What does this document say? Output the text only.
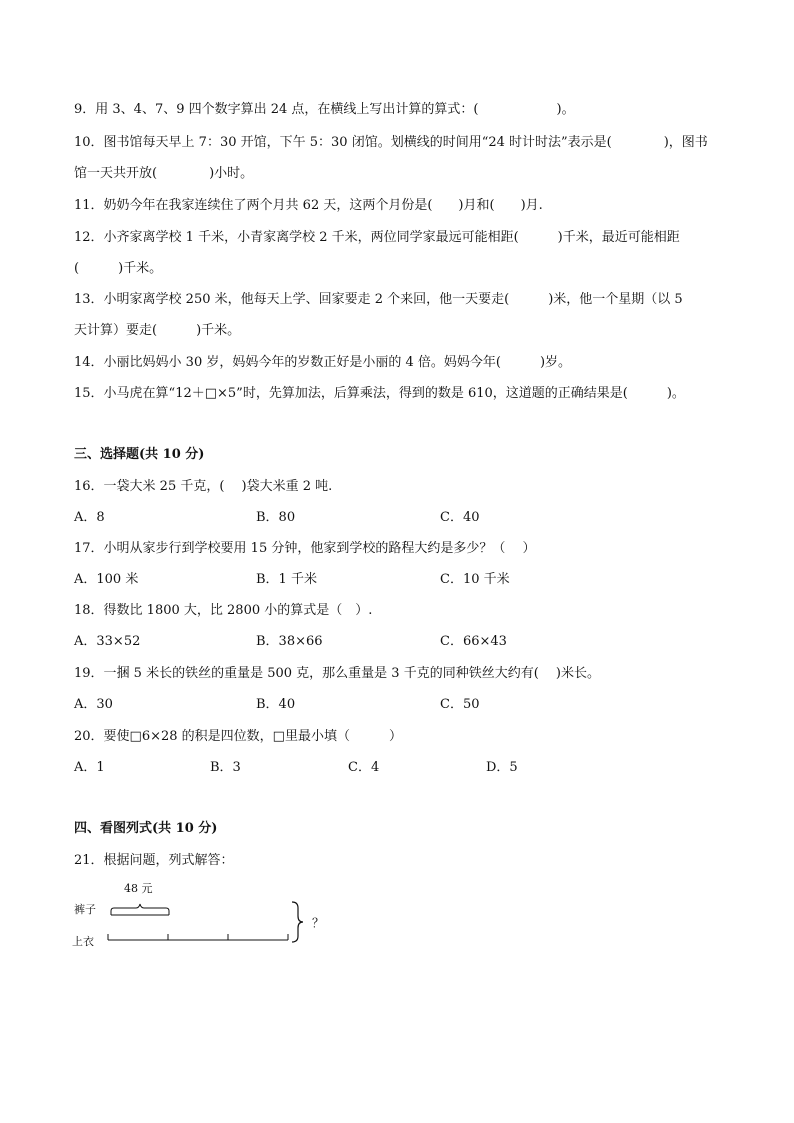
9．用 3、4、7、9 四个数字算出 24 点，在横线上写出计算的算式：(　　　　　　)。
10．图书馆每天早上 7：30 开馆，下午 5：30 闭馆。划横线的时间用“24 时计时法”表示是(　　　　)，图书
馆一天共开放(　　　　)小时。
11．奶奶今年在我家连续住了两个月共 62 天，这两个月份是(　　)月和(　　)月.
12．小齐家离学校 1 千米，小青家离学校 2 千米，两位同学家最远可能相距(　　　)千米，最近可能相距
(　　　)千米。
13．小明家离学校 250 米，他每天上学、回家要走 2 个来回，他一天要走(　　　)米，他一个星期（以 5
天计算）要走(　　　)千米。
14．小丽比妈妈小 30 岁，妈妈今年的岁数正好是小丽的 4 倍。妈妈今年(　　　)岁。
15．小马虎在算“12＋□×5”时，先算加法，后算乘法，得到的数是 610，这道题的正确结果是(　　　)。
三、选择题(共 10 分)
16．一袋大米 25 千克，(　 )袋大米重 2 吨.
A．8	B．80	C．40
17．小明从家步行到学校要用 15 分钟，他家到学校的路程大约是多少？（　 ）
A．100 米	B．1 千米	C．10 千米
18．得数比 1800 大，比 2800 小的算式是（　）.
A．33×52	B．38×66	C．66×43
19．一捆 5 米长的铁丝的重量是 500 克，那么重量是 3 千克的同种铁丝大约有(　 )米长。
A．30	B．40	C．50
20．要使□6×28 的积是四位数，□里最小填（　　　）
A．1	B．3	C．4	D．5
四、看图列式(共 10 分)
21．根据问题，列式解答：
48 元
裤子
上衣
？
